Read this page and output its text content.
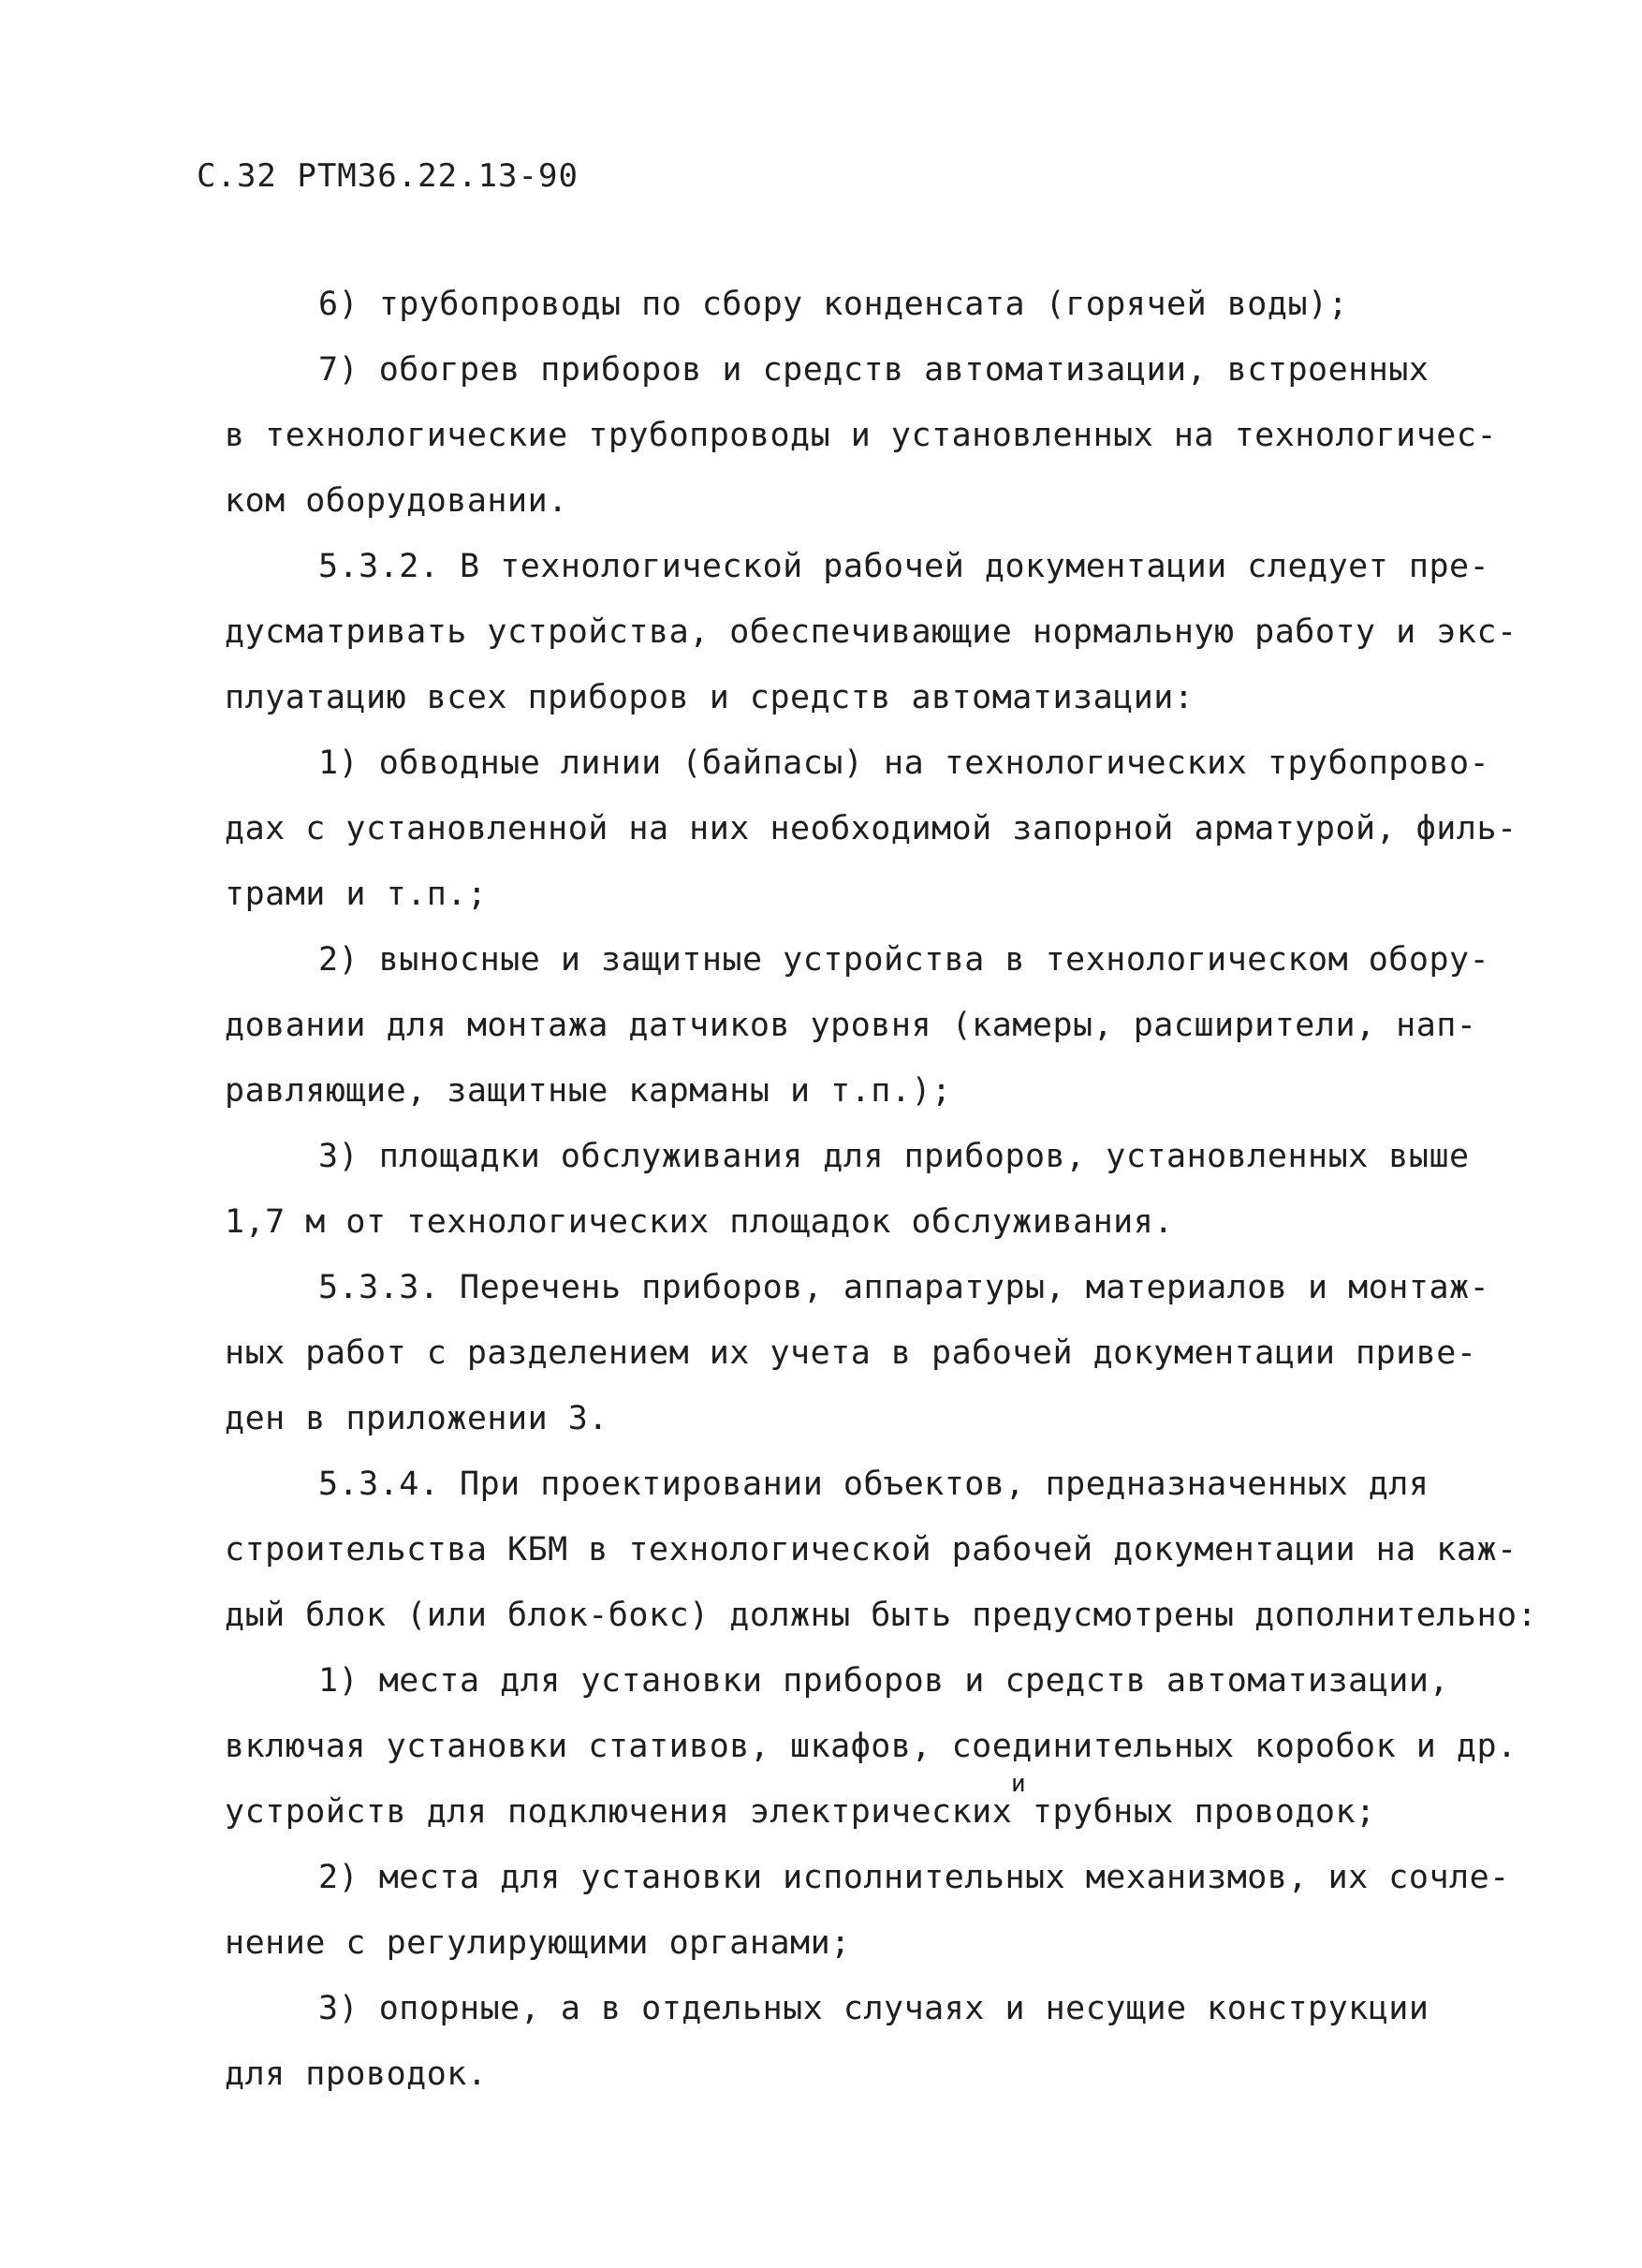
С.32 РТМ36.22.13-90
6) трубопроводы по сбору конденсата (горячей воды);
7) обогрев приборов и средств автоматизации, встроенных
в технологические трубопроводы и установленных на технологичес-
ком оборудовании.
5.3.2. В технологической рабочей документации следует пре-
дусматривать устройства, обеспечивающие нормальную работу и экс-
плуатацию всех приборов и средств автоматизации:
1) обводные линии (байпасы) на технологических трубопрово-
дах с установленной на них необходимой запорной арматурой, филь-
трами и т.п.;
2) выносные и защитные устройства в технологическом обору-
довании для монтажа датчиков уровня (камеры, расширители, нап-
равляющие, защитные карманы и т.п.);
3) площадки обслуживания для приборов, установленных выше
1,7 м от технологических площадок обслуживания.
5.3.3. Перечень приборов, аппаратуры, материалов и монтаж-
ных работ с разделением их учета в рабочей документации приве-
ден в приложении 3.
5.3.4. При проектировании объектов, предназначенных для
строительства КБМ в технологической рабочей документации на каж-
дый блок (или блок-бокс) должны быть предусмотрены дополнительно:
1) места для установки приборов и средств автоматизации,
включая установки стативов, шкафов, соединительных коробок и др.
и
устройств для подключения электрических трубных проводок;
2) места для установки исполнительных механизмов, их сочле-
нение с регулирующими органами;
3) опорные, а в отдельных случаях и несущие конструкции
для проводок.
